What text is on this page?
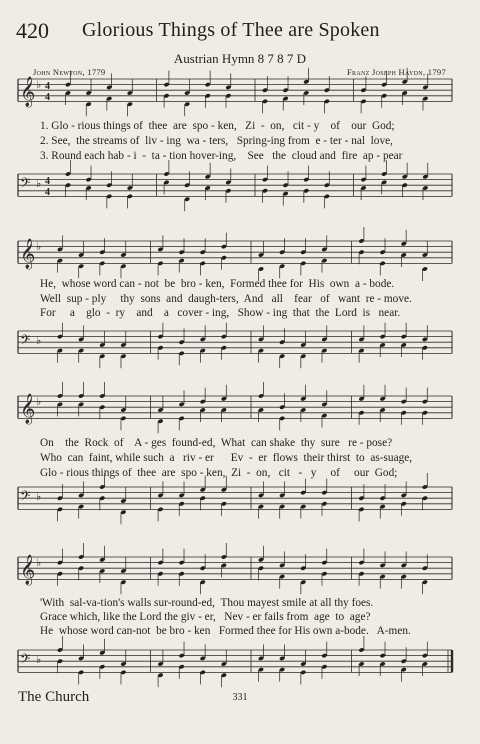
420 Glorious Things of Thee are Spoken
Austrian Hymn 8 7 8 7 D
John Newton, 1779	Franz Joseph Haydn, 1797
𝄞 ♭ 4
4
1. Glo - rious things of  thee  are  spo - ken,   Zi  -  on,   cit - y    of    our  God;
2. See,  the streams of  liv - ing  wa - ters,   Spring-ing from  e - ter - nal  love,
3. Round each hab - i  -  ta - tion hover-ing,    See   the  cloud and  fire  ap - pear
𝄢 ♭ 4
4
𝄞 ♭
He,  whose word can - not  be  bro - ken,  Formed thee for  His  own  a - bode.
Well  sup - ply     thy  sons  and  daugh-ters,  And   all    fear   of   want  re - move.
For     a    glo  -  ry    and    a   cover - ing,   Show - ing  that  the  Lord  is   near.
𝄢 ♭
𝄞 ♭
On    the  Rock  of    A - ges  found-ed,  What  can shake  thy  sure   re - pose?
Who  can  faint, while such  a   riv - er      Ev  -  er  flows  their thirst  to  as-suage,
Glo - rious things of  thee  are  spo - ken,  Zi  -  on,   cit   -   y     of     our  God;
𝄢 ♭
𝄞 ♭
'With  sal-va-tion's walls sur-round-ed,  Thou mayest smile at all thy foes.
Grace which, like the Lord the giv - er,   Nev - er fails from  age  to  age?
He  whose word can-not  be bro - ken   Formed thee for His own a-bode.   A-men.
𝄢 ♭
The Church	331
